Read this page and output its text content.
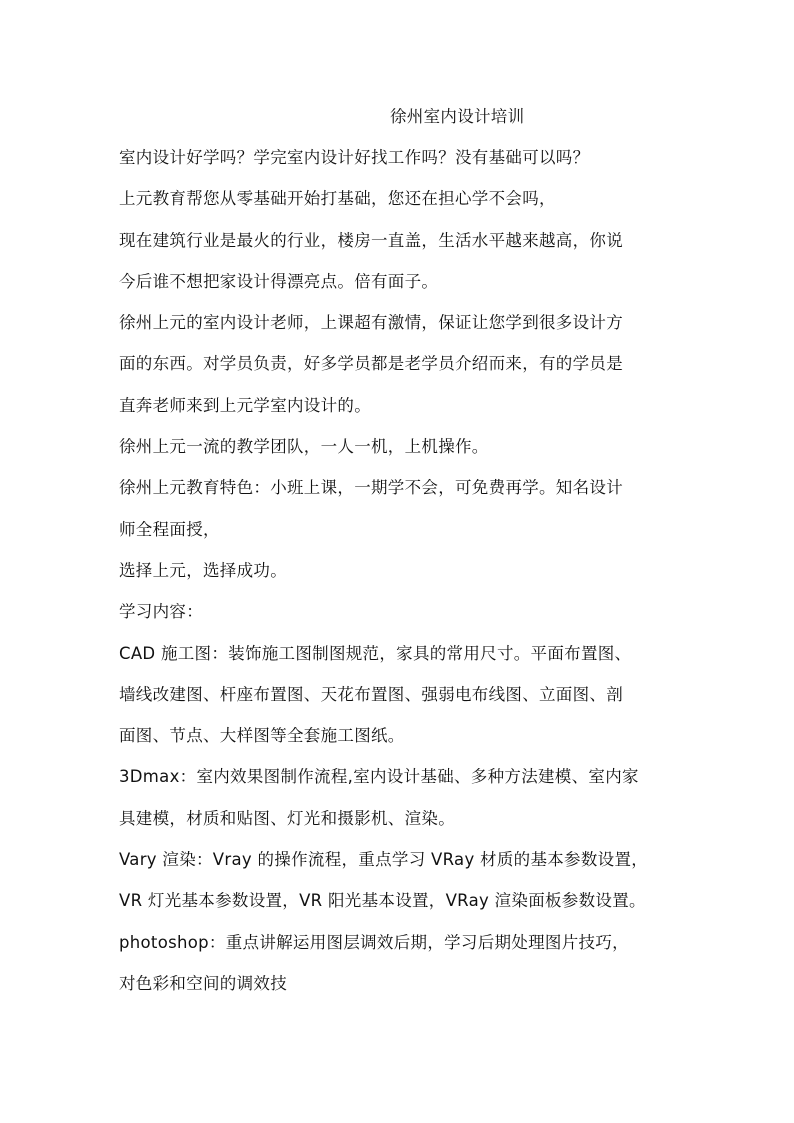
徐州室内设计培训
室内设计好学吗？学完室内设计好找工作吗？没有基础可以吗？
上元教育帮您从零基础开始打基础，您还在担心学不会吗，
现在建筑行业是最火的行业，楼房一直盖，生活水平越来越高，你说
今后谁不想把家设计得漂亮点。倍有面子。
徐州上元的室内设计老师，上课超有激情，保证让您学到很多设计方
面的东西。对学员负责，好多学员都是老学员介绍而来，有的学员是
直奔老师来到上元学室内设计的。
徐州上元一流的教学团队，一人一机，上机操作。
徐州上元教育特色：小班上课，一期学不会，可免费再学。知名设计
师全程面授，
选择上元，选择成功。
学习内容：
CAD 施工图：装饰施工图制图规范，家具的常用尺寸。平面布置图、
墙线改建图、杆座布置图、天花布置图、强弱电布线图、立面图、剖
面图、节点、大样图等全套施工图纸。
3Dmax：室内效果图制作流程,室内设计基础、多种方法建模、室内家
具建模，材质和贴图、灯光和摄影机、渲染。
Vary 渲染：Vray 的操作流程，重点学习 VRay 材质的基本参数设置，
VR 灯光基本参数设置，VR 阳光基本设置，VRay 渲染面板参数设置。
photoshop：重点讲解运用图层调效后期，学习后期处理图片技巧，
对色彩和空间的调效技
